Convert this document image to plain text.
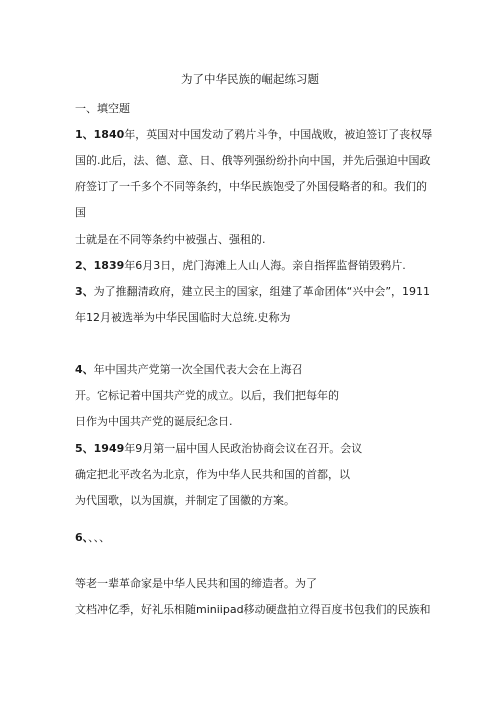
为了中华民族的崛起练习题
一、填空题
1、1840年，英国对中国发动了鸦片斗争，中国战败，被迫签订了丧权辱
国的.此后，法、德、意、日、俄等列强纷纷扑向中国，并先后强迫中国政
府签订了一千多个不同等条约，中华民族饱受了外国侵略者的和。我们的
国
士就是在不同等条约中被强占、强租的.
2、1839年6月3日，虎门海滩上人山人海。亲自指挥监督销毁鸦片.
3、为了推翻清政府，建立民主的国家，组建了革命团体“兴中会”，1911
年12月被选举为中华民国临时大总统.史称为
4、年中国共产党第一次全国代表大会在上海召
开。它标记着中国共产党的成立。以后，我们把每年的
日作为中国共产党的诞辰纪念日.
5、1949年9月第一届中国人民政治协商会议在召开。会议
确定把北平改名为北京，作为中华人民共和国的首都，以
为代国歌，以为国旗，并制定了国徽的方案。
6、、、、
等老一辈革命家是中华人民共和国的缔造者。为了
文档冲亿季，好礼乐相随miniipad移动硬盘拍立得百度书包我们的民族和
